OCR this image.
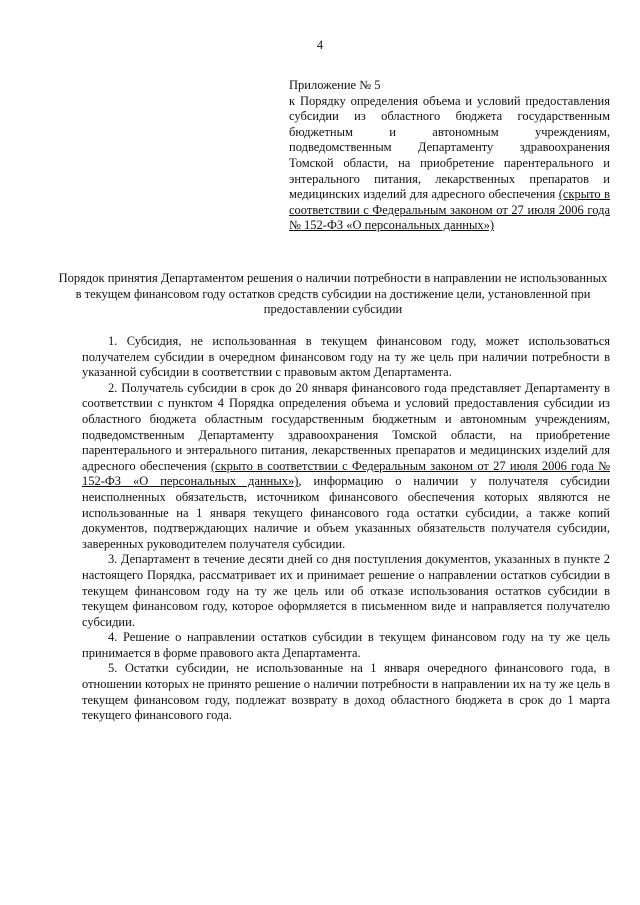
4
Приложение № 5
к Порядку определения объема и условий предоставления субсидии из областного бюджета государственным бюджетным и автономным учреждениям, подведомственным Департаменту здравоохранения Томской области, на приобретение парентерального и энтерального питания, лекарственных препаратов и медицинских изделий для адресного обеспечения (скрыто в соответствии с Федеральным законом от 27 июля 2006 года № 152-ФЗ «О персональных данных»)
Порядок принятия Департаментом решения о наличии потребности в направлении не использованных в текущем финансовом году остатков средств субсидии на достижение цели, установленной при предоставлении субсидии

1. Субсидия, не использованная в текущем финансовом году, может использоваться получателем субсидии в очередном финансовом году на ту же цель при наличии потребности в указанной субсидии в соответствии с правовым актом Департамента.

2. Получатель субсидии в срок до 20 января финансового года представляет Департаменту в соответствии с пунктом 4 Порядка определения объема и условий предоставления субсидии из областного бюджета областным государственным бюджетным и автономным учреждениям, подведомственным Департаменту здравоохранения Томской области, на приобретение парентерального и энтерального питания, лекарственных препаратов и медицинских изделий для адресного обеспечения (скрыто в соответствии с Федеральным законом от 27 июля 2006 года № 152-ФЗ «О персональных данных»), информацию о наличии у получателя субсидии неисполненных обязательств, источником финансового обеспечения которых являются не использованные на 1 января текущего финансового года остатки субсидии, а также копий документов, подтверждающих наличие и объем указанных обязательств получателя субсидии, заверенных руководителем получателя субсидии.

3. Департамент в течение десяти дней со дня поступления документов, указанных в пункте 2 настоящего Порядка, рассматривает их и принимает решение о направлении остатков субсидии в текущем финансовом году на ту же цель или об отказе использования остатков субсидии в текущем финансовом году, которое оформляется в письменном виде и направляется получателю субсидии.

4. Решение о направлении остатков субсидии в текущем финансовом году на ту же цель принимается в форме правового акта Департамента.

5. Остатки субсидии, не использованные на 1 января очередного финансового года, в отношении которых не принято решение о наличии потребности в направлении их на ту же цель в текущем финансовом году, подлежат возврату в доход областного бюджета в срок до 1 марта текущего финансового года.
